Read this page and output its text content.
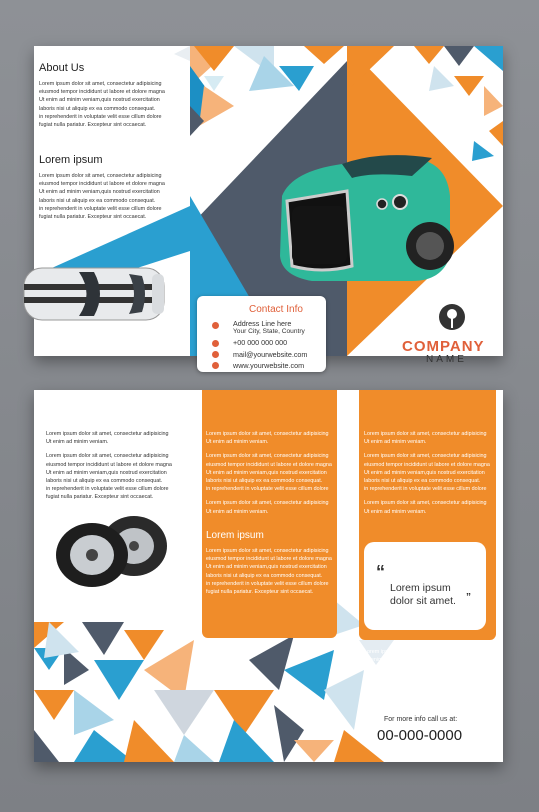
About Us
Lorem ipsum dolor sit amet, consectetur adipisicing
eiusmod tempor incididunt ut labore et dolore magna
Ut enim ad minim veniam,quis nostrud exercitation
laboris nisi ut aliquip ex ea commodo consequat.
in reprehenderit in voluptate velit esse cillum dolore
fugiat nulla pariatur. Excepteur sint occaecat.
Lorem ipsum
Lorem ipsum dolor sit amet, consectetur adipisicing
eiusmod tempor incididunt ut labore et dolore magna
Ut enim ad minim veniam,quis nostrud exercitation
laboris nisi ut aliquip ex ea commodo consequat.
in reprehenderit in voluptate velit esse cillum dolore
fugiat nulla pariatur. Excepteur sint occaecat.
Contact Info
Address Line here
Your City, State, Country
+00 000 000 000
mail@yourwebsite.com
www.yourwebsite.com
COMPANY
NAME
Lorem ipsum dolor sit amet, consectetur adipisicing
Ut enim ad minim veniam.
Lorem ipsum dolor sit amet, consectetur adipisicing
eiusmod tempor incididunt ut labore et dolore magna
Ut enim ad minim veniam,quis nostrud exercitation
laboris nisi ut aliquip ex ea commodo consequat.
in reprehenderit in voluptate velit esse cillum dolore
fugiat nulla pariatur. Excepteur sint occaecat.
Lorem ipsum dolor sit amet, consectetur adipisicing
Ut enim ad minim veniam.
Lorem ipsum dolor sit amet, consectetur adipisicing
eiusmod tempor incididunt ut labore et dolore magna
Ut enim ad minim veniam,quis nostrud exercitation
laboris nisi ut aliquip ex ea commodo consequat.
in reprehenderit in voluptate velit esse cillum dolore
Lorem ipsum dolor sit amet, consectetur adipisicing
Ut enim ad minim veniam.
Lorem ipsum
Lorem ipsum dolor sit amet, consectetur adipisicing
eiusmod tempor incididunt ut labore et dolore magna
Ut enim ad minim veniam,quis nostrud exercitation
laboris nisi ut aliquip ex ea commodo consequat.
in reprehenderit in voluptate velit esse cillum dolore
fugiat nulla pariatur. Excepteur sint occaecat.
Lorem ipsum dolor sit amet, consectetur adipisicing
Ut enim ad minim veniam.
Lorem ipsum dolor sit amet, consectetur adipisicing
eiusmod tempor incididunt ut labore et dolore magna
Ut enim ad minim veniam,quis nostrud exercitation
laboris nisi ut aliquip ex ea commodo consequat.
in reprehenderit in voluptate velit esse cillum dolore
Lorem ipsum dolor sit amet, consectetur adipisicing
Ut enim ad minim veniam.
“
Lorem ipsum
dolor sit amet. ”
Lorem ipsum dolor sit amet, consectetur adipisicing
Ut enim ad minim veniam.
Lorem ipsum dolor sit amet, consectetur adipisicing
eiusmod tempor incididunt ut labore et dolore magna
For more info call us at:
00-000-0000
